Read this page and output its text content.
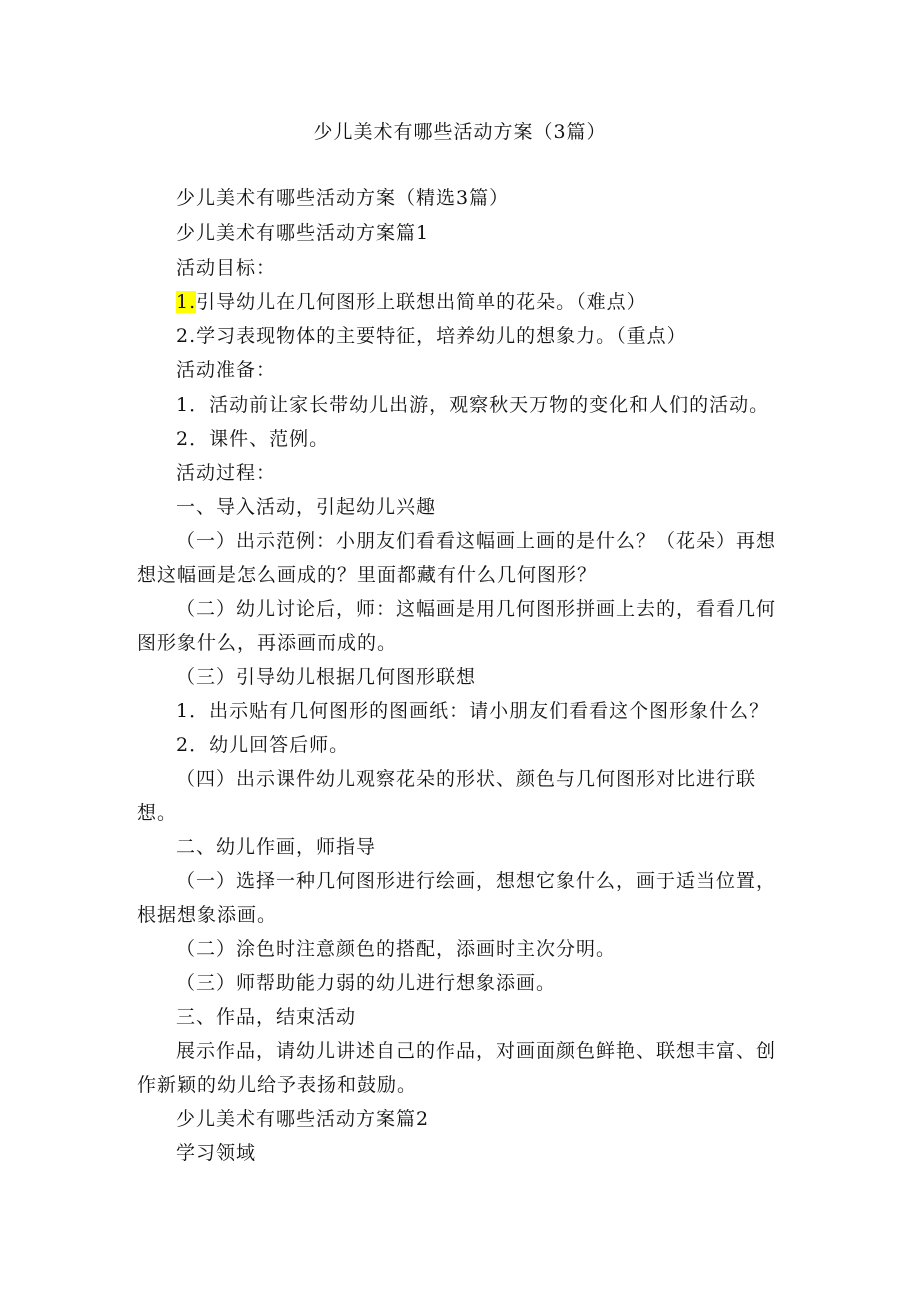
少儿美术有哪些活动方案（3篇）
少儿美术有哪些活动方案（精选3篇）
少儿美术有哪些活动方案篇1
活动目标：
1.引导幼儿在几何图形上联想出简单的花朵。（难点）
2.学习表现物体的主要特征，培养幼儿的想象力。（重点）
活动准备：
1．活动前让家长带幼儿出游，观察秋天万物的变化和人们的活动。
2．课件、范例。
活动过程：
一、导入活动，引起幼儿兴趣
（一）出示范例：小朋友们看看这幅画上画的是什么？（花朵）再想
想这幅画是怎么画成的？里面都藏有什么几何图形？
（二）幼儿讨论后，师：这幅画是用几何图形拼画上去的，看看几何
图形象什么，再添画而成的。
（三）引导幼儿根据几何图形联想
1．出示贴有几何图形的图画纸：请小朋友们看看这个图形象什么？
2．幼儿回答后师。
（四）出示课件幼儿观察花朵的形状、颜色与几何图形对比进行联
想。
二、幼儿作画，师指导
（一）选择一种几何图形进行绘画，想想它象什么，画于适当位置，
根据想象添画。
（二）涂色时注意颜色的搭配，添画时主次分明。
（三）师帮助能力弱的幼儿进行想象添画。
三、作品，结束活动
展示作品，请幼儿讲述自己的作品，对画面颜色鲜艳、联想丰富、创
作新颖的幼儿给予表扬和鼓励。
少儿美术有哪些活动方案篇2
学习领域
